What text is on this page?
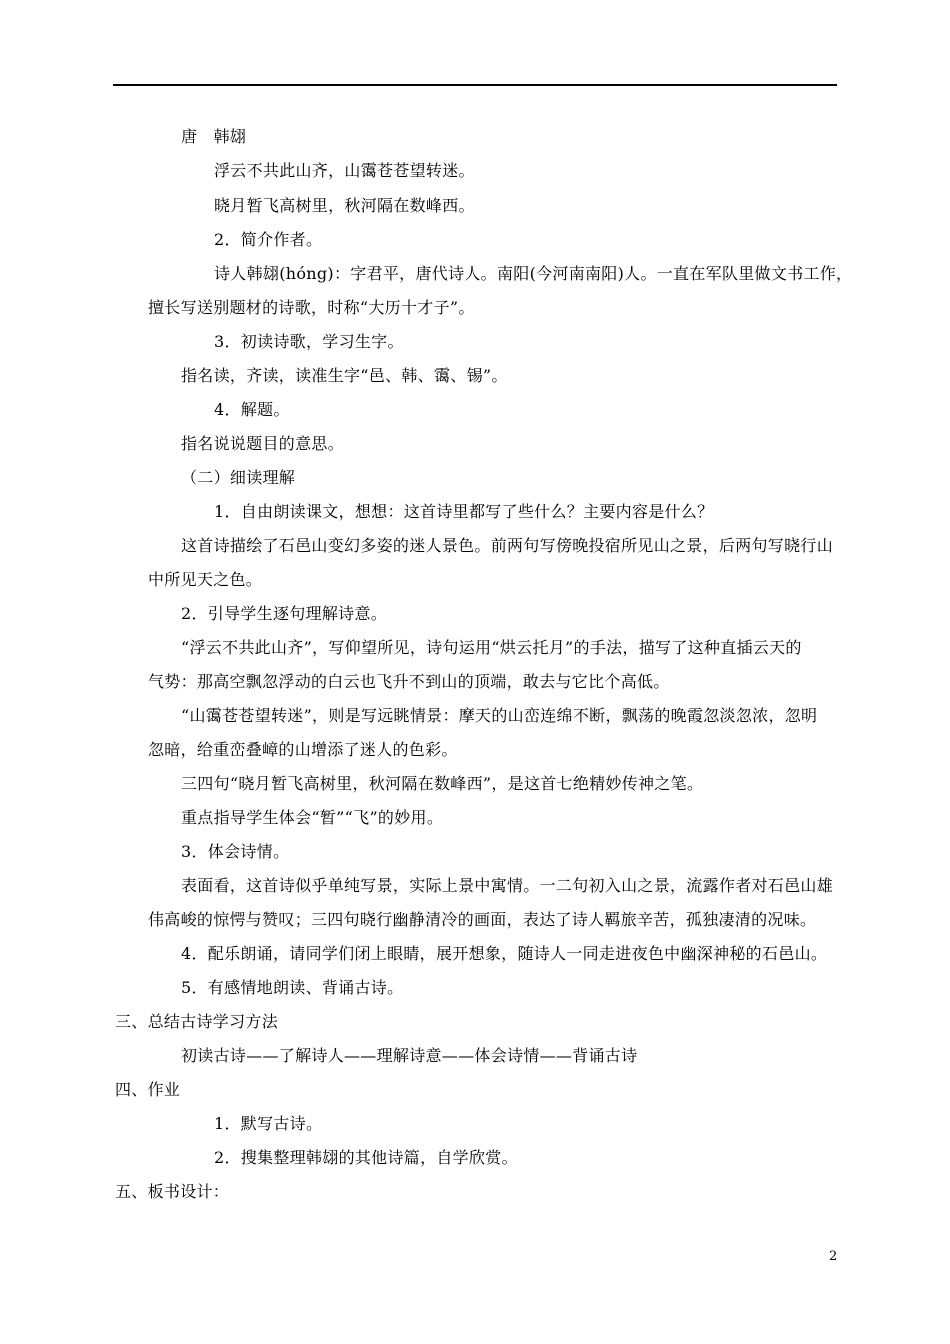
唐　韩翃
浮云不共此山齐，山霭苍苍望转迷。
晓月暂飞高树里，秋河隔在数峰西。
2．简介作者。
诗人韩翃(hóng)：字君平，唐代诗人。南阳(今河南南阳)人。一直在军队里做文书工作，
擅长写送别题材的诗歌，时称“大历十才子”。
3．初读诗歌，学习生字。
指名读，齐读，读准生字“邑、韩、霭、锡”。
4．解题。
指名说说题目的意思。
（二）细读理解
1．自由朗读课文，想想：这首诗里都写了些什么？主要内容是什么？
这首诗描绘了石邑山变幻多姿的迷人景色。前两句写傍晚投宿所见山之景，后两句写晓行山
中所见天之色。
2．引导学生逐句理解诗意。
“浮云不共此山齐”，写仰望所见，诗句运用“烘云托月”的手法，描写了这种直插云天的
气势：那高空飘忽浮动的白云也飞升不到山的顶端，敢去与它比个高低。
“山霭苍苍望转迷”，则是写远眺情景：摩天的山峦连绵不断，飘荡的晚霞忽淡忽浓，忽明
忽暗，给重峦叠嶂的山增添了迷人的色彩。
三四句“晓月暂飞高树里，秋河隔在数峰西”，是这首七绝精妙传神之笔。
重点指导学生体会“暂”“飞”的妙用。
3．体会诗情。
表面看，这首诗似乎单纯写景，实际上景中寓情。一二句初入山之景，流露作者对石邑山雄
伟高峻的惊愕与赞叹；三四句晓行幽静清冷的画面，表达了诗人羁旅辛苦，孤独凄清的况味。
4．配乐朗诵，请同学们闭上眼睛，展开想象，随诗人一同走进夜色中幽深神秘的石邑山。
5．有感情地朗读、背诵古诗。
三、总结古诗学习方法
初读古诗——了解诗人——理解诗意——体会诗情——背诵古诗
四、作业
1．默写古诗。
2．搜集整理韩翃的其他诗篇，自学欣赏。
五、板书设计：
2
